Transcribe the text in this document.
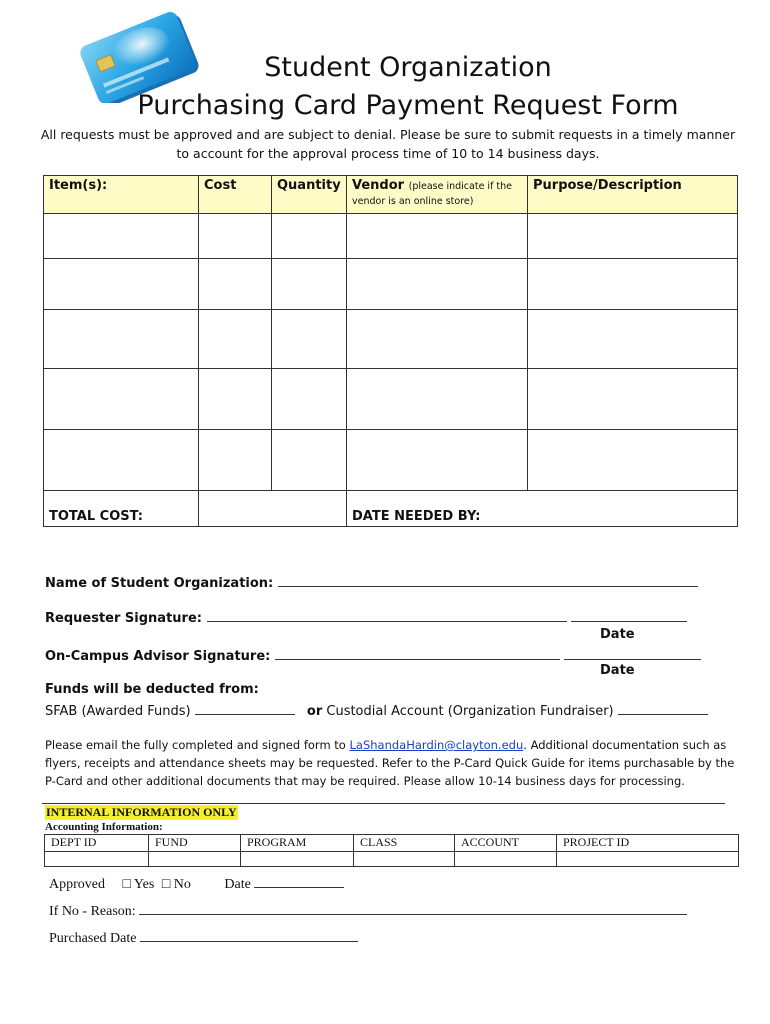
Student Organization
Purchasing Card Payment Request Form
All requests must be approved and are subject to denial. Please be sure to submit requests in a timely manner
to account for the approval process time of 10 to 14 business days.
Item(s):	Cost	Quantity	Vendor (please indicate if the vendor is an online store)	Purpose/Description

TOTAL COST:			DATE NEEDED BY:	
Name of Student Organization:
Requester Signature:
Date
On-Campus Advisor Signature:
Date
Funds will be deducted from:
SFAB (Awarded Funds)	or Custodial Account (Organization Fundraiser)
Please email the fully completed and signed form to LaShandaHardin@clayton.edu. Additional documentation such as flyers, receipts and attendance sheets may be requested. Refer to the P-Card Quick Guide for items purchasable by the P-Card and other additional documents that may be required. Please allow 10-14 business days for processing.
INTERNAL INFORMATION ONLY
Accounting Information:
DEPT ID	FUND	PROGRAM	CLASS	ACCOUNT	PROJECT ID

Approved □ Yes □ No Date
If No - Reason:
Purchased Date
